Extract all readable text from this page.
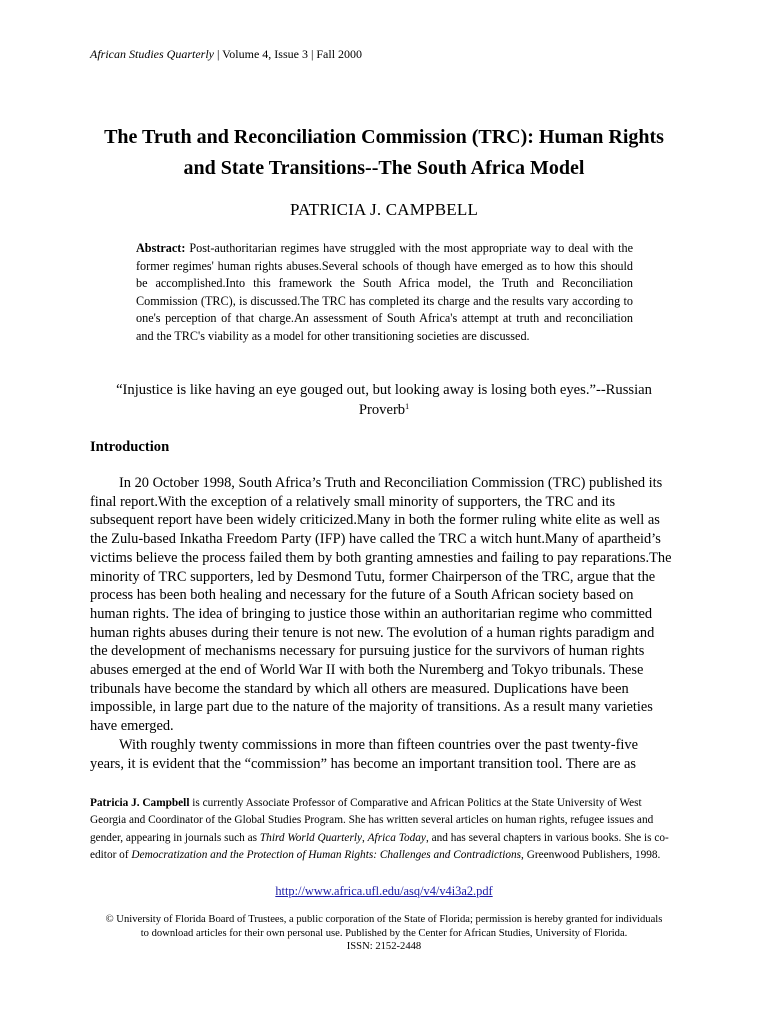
African Studies Quarterly | Volume 4, Issue 3 | Fall 2000
The Truth and Reconciliation Commission (TRC): Human Rights and State Transitions--The South Africa Model
PATRICIA J. CAMPBELL
Abstract: Post-authoritarian regimes have struggled with the most appropriate way to deal with the former regimes' human rights abuses.Several schools of though have emerged as to how this should be accomplished.Into this framework the South Africa model, the Truth and Reconciliation Commission (TRC), is discussed.The TRC has completed its charge and the results vary according to one's perception of that charge.An assessment of South Africa's attempt at truth and reconciliation and the TRC's viability as a model for other transitioning societies are discussed.
“Injustice is like having an eye gouged out, but looking away is losing both eyes.”--Russian Proverb$^1$
Introduction

In 20 October 1998, South Africa’s Truth and Reconciliation Commission (TRC) published its final report.With the exception of a relatively small minority of supporters, the TRC and its subsequent report have been widely criticized.Many in both the former ruling white elite as well as the Zulu-based Inkatha Freedom Party (IFP) have called the TRC a witch hunt.Many of apartheid’s victims believe the process failed them by both granting amnesties and failing to pay reparations.The minority of TRC supporters, led by Desmond Tutu, former Chairperson of the TRC, argue that the process has been both healing and necessary for the future of a South African society based on human rights. The idea of bringing to justice those within an authoritarian regime who committed human rights abuses during their tenure is not new. The evolution of a human rights paradigm and the development of mechanisms necessary for pursuing justice for the survivors of human rights abuses emerged at the end of World War II with both the Nuremberg and Tokyo tribunals. These tribunals have become the standard by which all others are measured. Duplications have been impossible, in large part due to the nature of the majority of transitions. As a result many varieties have emerged.

With roughly twenty commissions in more than fifteen countries over the past twenty-five years, it is evident that the “commission” has become an important transition tool. There are as

Patricia J. Campbell is currently Associate Professor of Comparative and African Politics at the State University of West Georgia and Coordinator of the Global Studies Program. She has written several articles on human rights, refugee issues and gender, appearing in journals such as Third World Quarterly, Africa Today, and has several chapters in various books. She is co-editor of Democratization and the Protection of Human Rights: Challenges and Contradictions, Greenwood Publishers, 1998.
http://www.africa.ufl.edu/asq/v4/v4i3a2.pdf
© University of Florida Board of Trustees, a public corporation of the State of Florida; permission is hereby granted for individuals
to download articles for their own personal use. Published by the Center for African Studies, University of Florida.
ISSN: 2152-2448
